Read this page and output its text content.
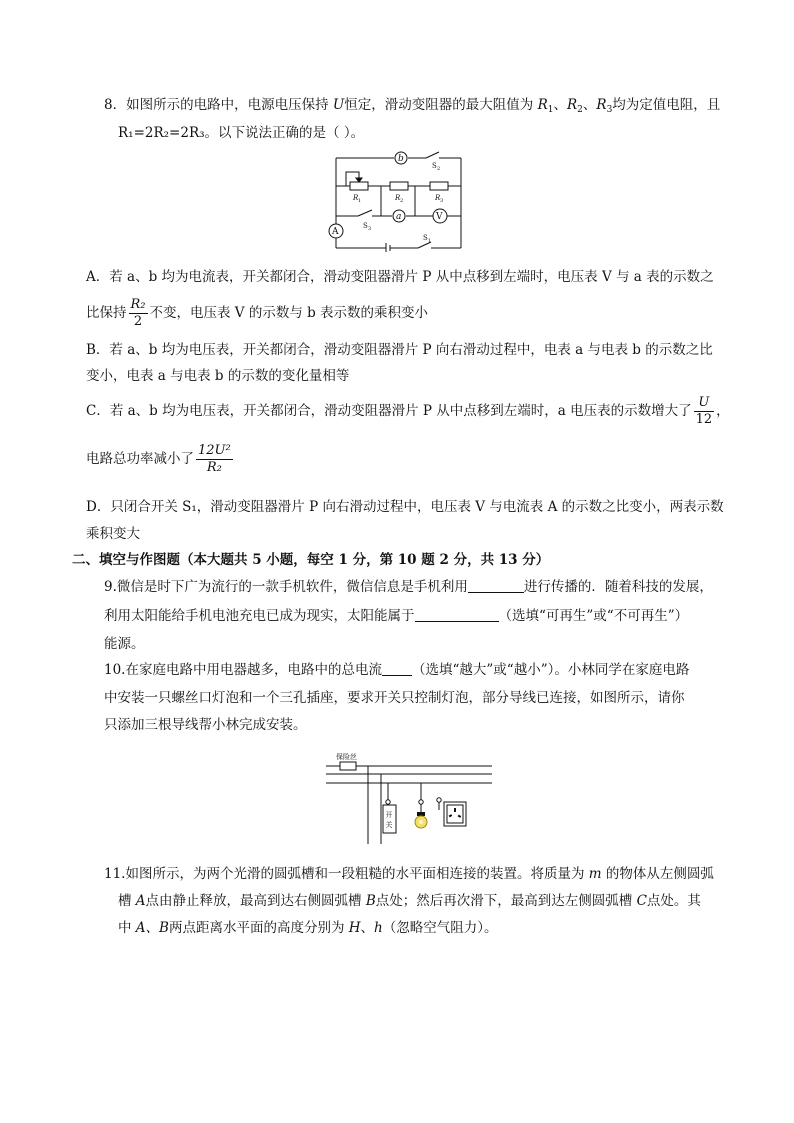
8．如图所示的电路中，电源电压保持 U恒定，滑动变阻器的最大阻值为 $R_1$、$R_2$、$R_3$均为定值电阻，且
R₁=2R₂=2R₃。以下说法正确的是（ ）。
b
a	V
A
S 2
R 1	R 2	R 3
S 3
S 1
A．若 a、b 均为电流表，开关都闭合，滑动变阻器滑片 P 从中点移到左端时，电压表 V 与 a 表的示数之
比保持 $\frac{\text{R₂}}{2}$ 不变，电压表 V 的示数与 b 表示数的乘积变小
B．若 a、b 均为电压表，开关都闭合，滑动变阻器滑片 P 向右滑动过程中，电表 a 与电表 b 的示数之比
变小，电表 a 与电表 b 的示数的变化量相等
C．若 a、b 均为电压表，开关都闭合，滑动变阻器滑片 P 从中点移到左端时，a 电压表的示数增大了 $\frac{U}{12}$ ，
电路总功率减小了 $\frac{\text{12U²}}{\text{R₂}}$
D．只闭合开关 S₁，滑动变阻器滑片 P 向右滑动过程中，电压表 V 与电流表 A 的示数之比变小，两表示数
乘积变大
二、填空与作图题（本大题共 5 小题，每空 1 分，第 10 题 2 分，共 13 分）
9.微信是时下广为流行的一款手机软件，微信信息是手机利用	进行传播的．随着科技的发展，
利用太阳能给手机电池充电已成为现实，太阳能属于	（选填“可再生”或“不可再生”）
能源。
10.在家庭电路中用电器越多，电路中的总电流 （选填“越大”或“越小”）。小林同学在家庭电路
中安装一只螺丝口灯泡和一个三孔插座，要求开关只控制灯泡，部分导线已连接，如图所示，请你
只添加三根导线帮小林完成安装。
保险丝
开
关
11.如图所示，为两个光滑的圆弧槽和一段粗糙的水平面相连接的装置。将质量为 m 的物体从左侧圆弧
槽 A点由静止释放，最高到达右侧圆弧槽 B点处；然后再次滑下，最高到达左侧圆弧槽 C点处。其
中 A、B两点距离水平面的高度分别为 H、h（忽略空气阻力）。
